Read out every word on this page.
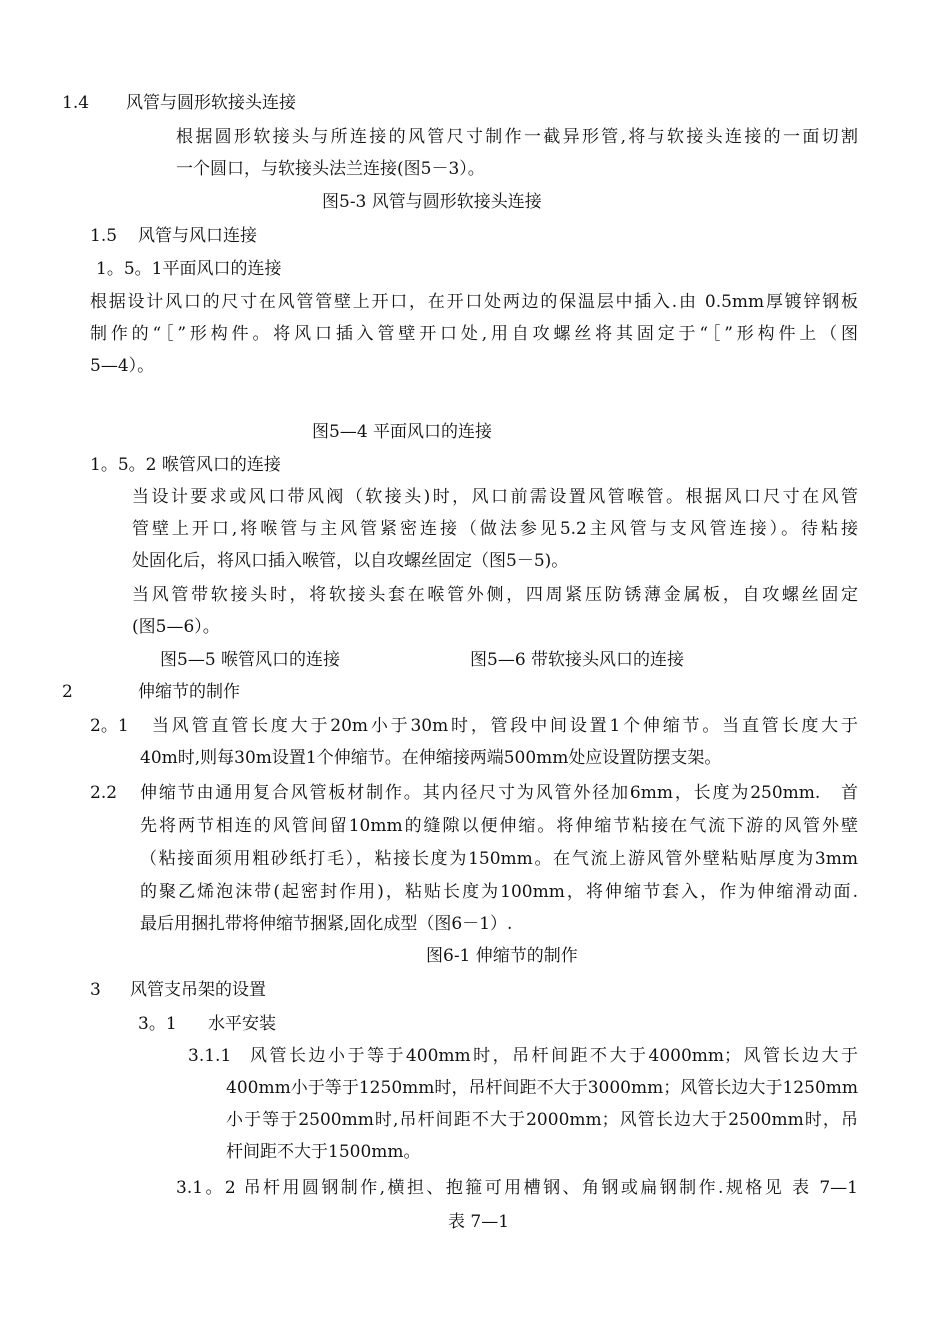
1.4 风管与圆形软接头连接
根据圆形软接头与所连接的风管尺寸制作一截异形管,将与软接头连接的一面切割
一个圆口，与软接头法兰连接(图5－3）。
图5-3 风管与圆形软接头连接
1.5 风管与风口连接
1。5。1平面风口的连接
根据设计风口的尺寸在风管管壁上开口，在开口处两边的保温层中插入.由 0.5mm厚镀锌钢板
制作的“［”形构件。将风口插入管壁开口处,用自攻螺丝将其固定于“［”形构件上（图
5—4）。
图5—4 平面风口的连接
1。5。2 喉管风口的连接
当设计要求或风口带风阀（软接头)时，风口前需设置风管喉管。根据风口尺寸在风管
管壁上开口,将喉管与主风管紧密连接（做法参见5.2主风管与支风管连接）。待粘接
处固化后，将风口插入喉管，以自攻螺丝固定（图5－5)。
当风管带软接头时，将软接头套在喉管外侧，四周紧压防锈薄金属板，自攻螺丝固定
(图5—6）。
图5—5 喉管风口的连接	图5—6 带软接头风口的连接
2	伸缩节的制作
2。1 当风管直管长度大于20m小于30m时，管段中间设置1个伸缩节。当直管长度大于
40m时,则每30m设置1个伸缩节。在伸缩接两端500mm处应设置防摆支架。
2.2 伸缩节由通用复合风管板材制作。其内径尺寸为风管外径加6mm，长度为250mm.　首
先将两节相连的风管间留10mm的缝隙以便伸缩。将伸缩节粘接在气流下游的风管外壁
（粘接面须用粗砂纸打毛），粘接长度为150mm。在气流上游风管外壁粘贴厚度为3mm
的聚乙烯泡沫带(起密封作用)，粘贴长度为100mm，将伸缩节套入，作为伸缩滑动面.
最后用捆扎带将伸缩节捆紧,固化成型（图6－1）.
图6-1 伸缩节的制作
3 风管支吊架的设置
3。1 水平安装
3.1.1 风管长边小于等于400mm时，吊杆间距不大于4000mm；风管长边大于
400mm小于等于1250mm时，吊杆间距不大于3000mm；风管长边大于1250mm
小于等于2500mm时,吊杆间距不大于2000mm；风管长边大于2500mm时，吊
杆间距不大于1500mm。
3.1。2 吊杆用圆钢制作,横担、抱箍可用槽钢、角钢或扁钢制作.规格见 表 7—1
表 7—1
